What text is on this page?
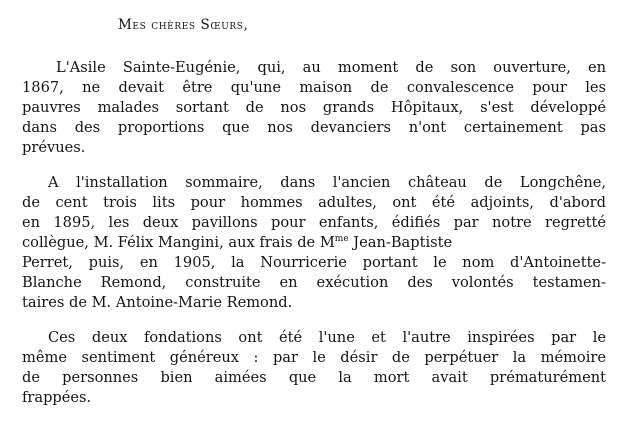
Mes chères Sœurs,
L'Asile Sainte-Eugénie, qui, au moment de son ouverture, en
1867, ne devait être qu'une maison de convalescence pour les
pauvres malades sortant de nos grands Hôpitaux, s'est développé
dans des proportions que nos devanciers n'ont certainement pas
prévues.
A l'installation sommaire, dans l'ancien château de Longchêne,
de cent trois lits pour hommes adultes, ont été adjoints, d'abord
en 1895, les deux pavillons pour enfants, édifiés par notre regretté
collègue, M. Félix Mangini, aux frais de $M^{me}$ Jean-Baptiste
Perret, puis, en 1905, la Nourricerie portant le nom d'Antoinette-
Blanche Remond, construite en exécution des volontés testamen-
taires de M. Antoine-Marie Remond.
Ces deux fondations ont été l'une et l'autre inspirées par le
même sentiment généreux : par le désir de perpétuer la mémoire
de personnes bien aimées que la mort avait prématurément
frappées.
